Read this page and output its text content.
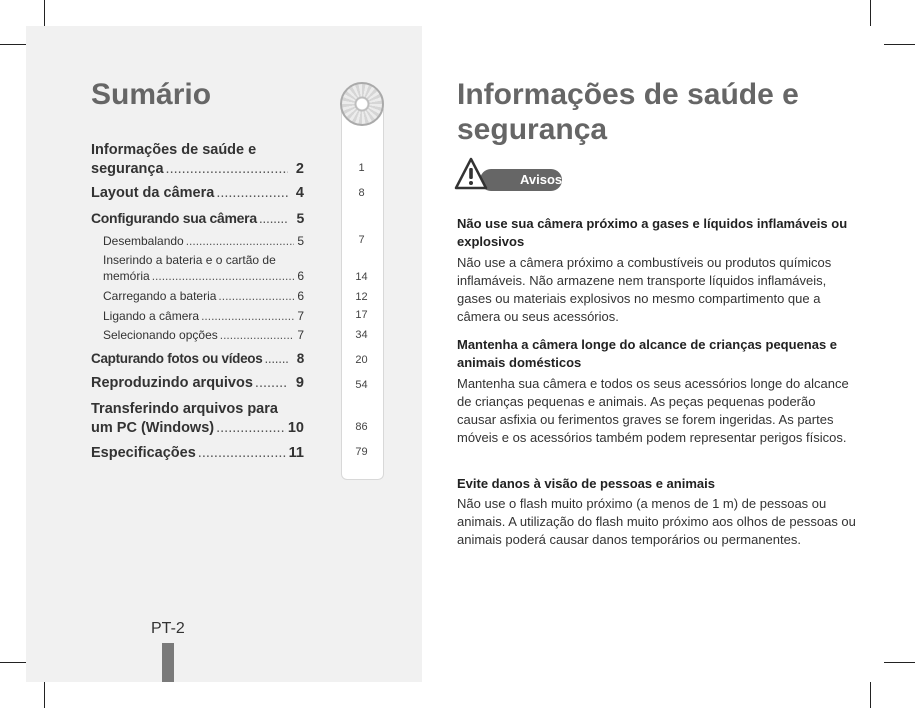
Sumário
1
8
7
14
12
17
34
20
54
86
79
Informações de saúde e
segurança .....	2
Layout da câmera .....	4
Configurando sua câmera .....	5
Desembalando .....	5
Inserindo a bateria e o cartão de
memória .....	6
Carregando a bateria .....	6
Ligando a câmera .....	7
Selecionando opções .....	7
Capturando fotos ou vídeos .....	8
Reproduzindo arquivos .....	9
Transferindo arquivos para
um PC (Windows) .....	10
Especificações .....	11
PT-2
Informações de saúde e segurança
Avisos

Não use sua câmera próximo a gases e líquidos inflamáveis ou explosivos

Não use a câmera próximo a combustíveis ou produtos químicos inflamáveis. Não armazene nem transporte líquidos inflamáveis, gases ou materiais explosivos no mesmo compartimento que a câmera ou seus acessórios.

Mantenha a câmera longe do alcance de crianças pequenas e animais domésticos

Mantenha sua câmera e todos os seus acessórios longe do alcance de crianças pequenas e animais. As peças pequenas poderão causar asfixia ou ferimentos graves se forem ingeridas. As partes móveis e os acessórios também podem representar perigos físicos.

Evite danos à visão de pessoas e animais

Não use o flash muito próximo (a menos de 1 m) de pessoas ou animais. A utilização do flash muito próximo aos olhos de pessoas ou animais poderá causar danos temporários ou permanentes.
